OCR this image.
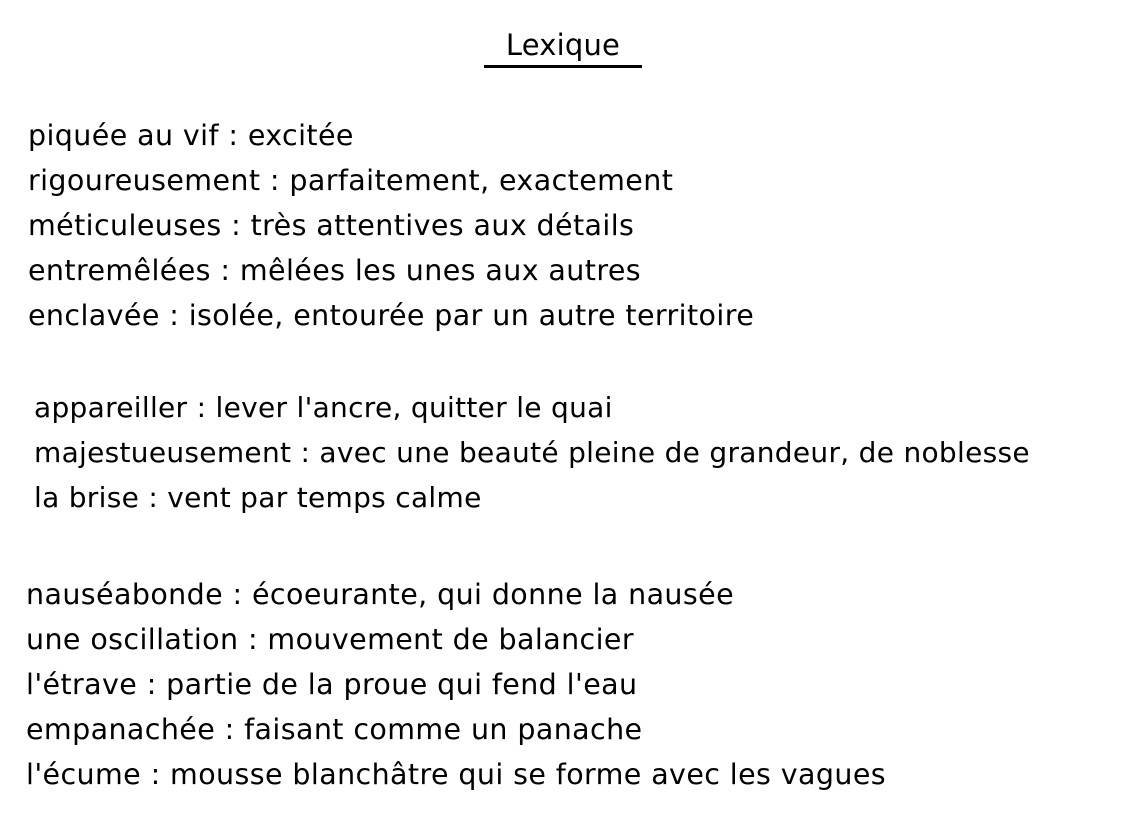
Lexique
piquée au vif : excitée
rigoureusement : parfaitement, exactement
méticuleuses : très attentives aux détails
entremêlées : mêlées les unes aux autres
enclavée : isolée, entourée par un autre territoire
appareiller : lever l'ancre, quitter le quai
majestueusement : avec une beauté pleine de grandeur, de noblesse
la brise : vent par temps calme
nauséabonde : écoeurante, qui donne la nausée
une oscillation : mouvement de balancier
l'étrave : partie de la proue qui fend l'eau
empanachée : faisant comme un panache
l'écume : mousse blanchâtre qui se forme avec les vagues
